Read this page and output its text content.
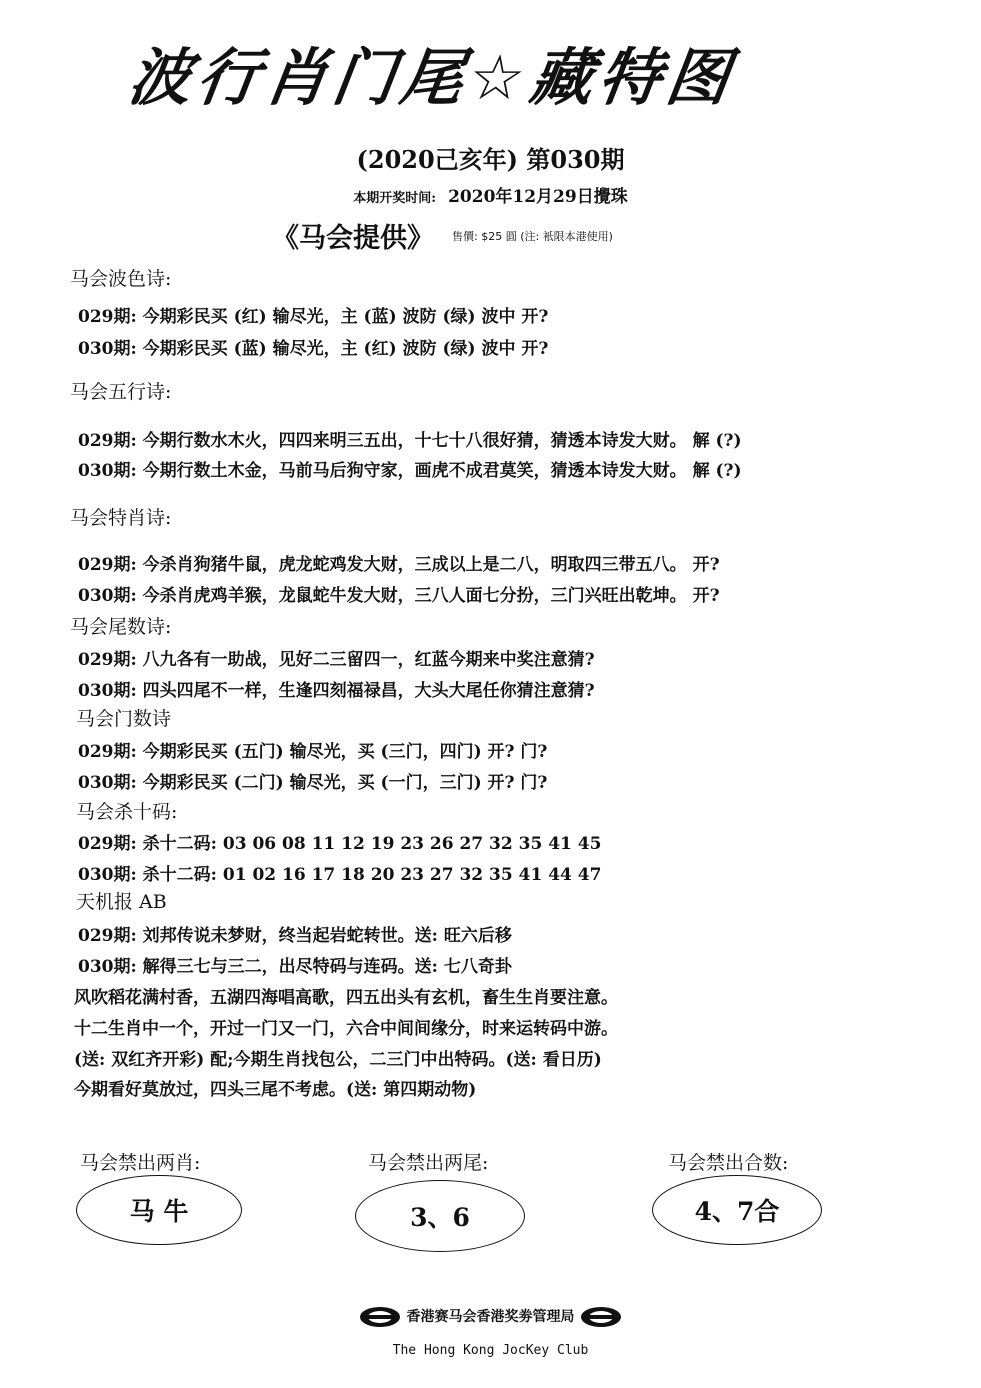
波行肖门尾☆藏特图
(2020己亥年) 第030期
本期开奖时间: 2020年12月29日攪珠
《马会提供》 售價: $25 圓 (注: 衹限本港使用)
马会波色诗:
029期: 今期彩民买 (红) 输尽光，主 (蓝) 波防 (绿) 波中 开?
030期: 今期彩民买 (蓝) 输尽光，主 (红) 波防 (绿) 波中 开?
马会五行诗:
029期: 今期行数水木火，四四来明三五出，十七十八很好猜，猜透本诗发大财。 解 (?)
030期: 今期行数土木金，马前马后狗守家，画虎不成君莫笑，猜透本诗发大财。 解 (?)
马会特肖诗:
029期: 今杀肖狗猪牛鼠，虎龙蛇鸡发大财，三成以上是二八，明取四三带五八。 开?
030期: 今杀肖虎鸡羊猴，龙鼠蛇牛发大财，三八人面七分扮，三门兴旺出乾坤。 开?
马会尾数诗:
029期: 八九各有一助战，见好二三留四一，红蓝今期来中奖注意猜?
030期: 四头四尾不一样，生逢四刻福禄昌，大头大尾任你猜注意猜?
马会门数诗
029期: 今期彩民买 (五门) 输尽光，买 (三门，四门) 开? 门?
030期: 今期彩民买 (二门) 输尽光，买 (一门，三门) 开? 门?
马会杀十码:
029期: 杀十二码: 03 06 08 11 12 19 23 26 27 32 35 41 45
030期: 杀十二码: 01 02 16 17 18 20 23 27 32 35 41 44 47
天机报 AB
029期: 刘邦传说未梦财，终当起岩蛇转世。送: 旺六后移
030期: 解得三七与三二，出尽特码与连码。送: 七八奇卦
风吹稻花满村香，五湖四海唱高歌，四五出头有玄机，畜生生肖要注意。
十二生肖中一个，开过一门又一门，六合中间间缘分，时来运转码中游。
(送: 双红齐开彩) 配;今期生肖找包公，二三门中出特码。(送: 看日历)
今期看好莫放过，四头三尾不考虑。(送: 第四期动物)
马会禁出两肖:
马 牛
马会禁出两尾:
3、6
马会禁出合数:
4、7合
香港赛马会香港奖劵管理局
The Hong Kong JocKey Club
